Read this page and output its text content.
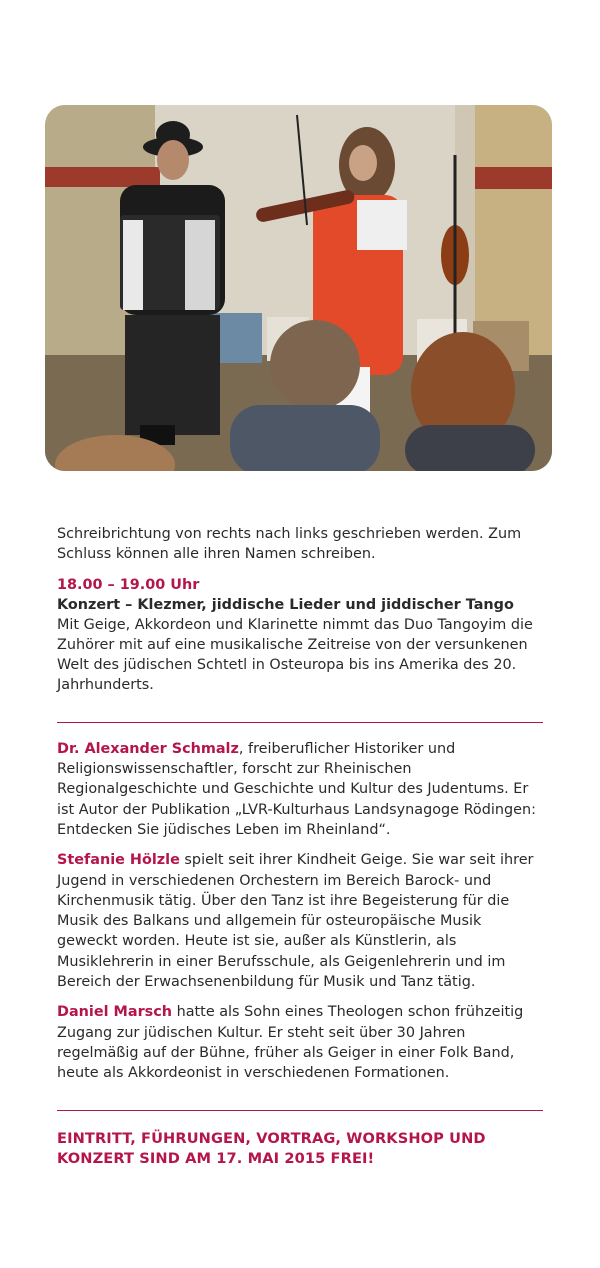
Schreibrichtung von rechts nach links geschrieben werden. Zum Schluss können alle ihren Namen schreiben.

18.00 – 19.00 Uhr
Konzert – Klezmer, jiddische Lieder und jiddischer Tango

Mit Geige, Akkordeon und Klarinette nimmt das Duo Tangoyim die Zuhörer mit auf eine musikalische Zeitreise von der versunkenen Welt des jüdischen Schtetl in Osteuropa bis ins Amerika des 20. Jahrhunderts.

Dr. Alexander Schmalz, freiberuflicher Historiker und Religionswissenschaftler, forscht zur Rheinischen Regionalgeschichte und Geschichte und Kultur des Judentums. Er ist Autor der Publikation „LVR-Kulturhaus Landsynagoge Rödingen: Entdecken Sie jüdisches Leben im Rheinland“.

Stefanie Hölzle spielt seit ihrer Kindheit Geige. Sie war seit ihrer Jugend in verschiedenen Orchestern im Bereich Barock- und Kirchenmusik tätig. Über den Tanz ist ihre Begeisterung für die Musik des Balkans und allgemein für osteuropäische Musik geweckt worden. Heute ist sie, außer als Künstlerin, als Musiklehrerin in einer Berufsschule, als Geigenlehrerin und im Bereich der Erwachsenenbildung für Musik und Tanz tätig.

Daniel Marsch hatte als Sohn eines Theologen schon frühzeitig Zugang zur jüdischen Kultur. Er steht seit über 30 Jahren regelmäßig auf der Bühne, früher als Geiger in einer Folk Band, heute als Akkordeonist in verschiedenen Formationen.

EINTRITT, FÜHRUNGEN, VORTRAG, WORKSHOP UND KONZERT SIND AM 17. MAI 2015 FREI!
